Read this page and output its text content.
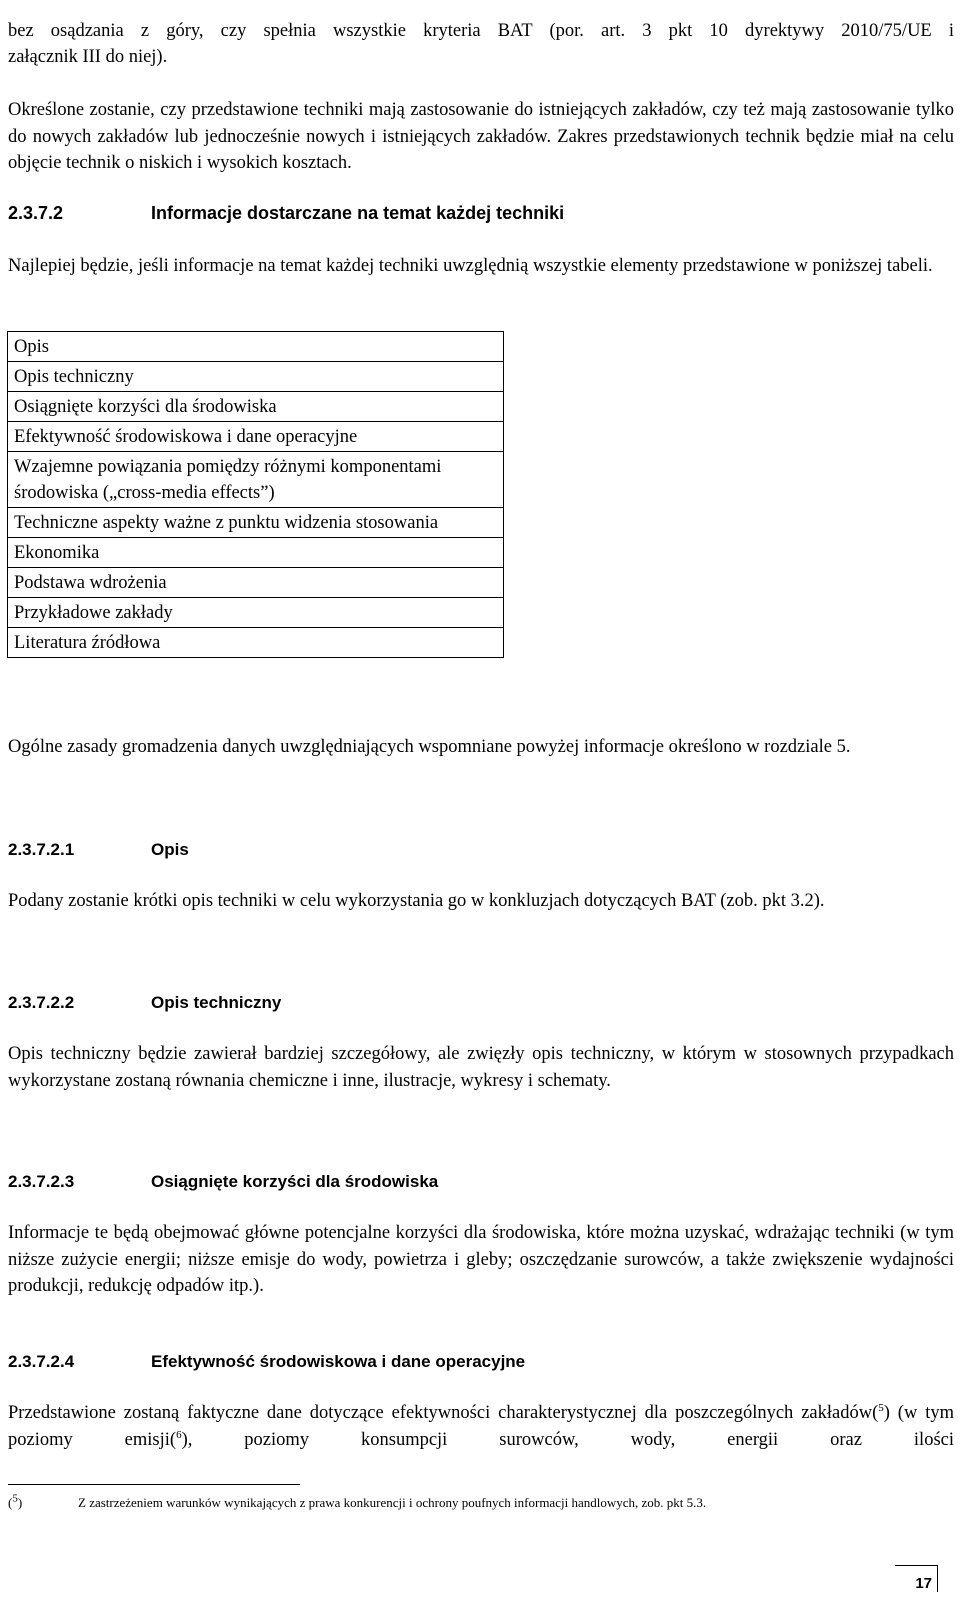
bez osądzania z góry, czy spełnia wszystkie kryteria BAT (por. art. 3 pkt 10 dyrektywy 2010/75/UE i
załącznik III do niej).
Określone zostanie, czy przedstawione techniki mają zastosowanie do istniejących zakładów, czy też mają zastosowanie tylko do nowych zakładów lub jednocześnie nowych i istniejących zakładów. Zakres przedstawionych technik będzie miał na celu objęcie technik o niskich i wysokich kosztach.
2.3.7.2	Informacje dostarczane na temat każdej techniki
Najlepiej będzie, jeśli informacje na temat każdej techniki uwzględnią wszystkie elementy przedstawione w poniższej tabeli.
Opis
Opis techniczny
Osiągnięte korzyści dla środowiska
Efektywność środowiskowa i dane operacyjne
Wzajemne powiązania pomiędzy różnymi komponentami środowiska („cross-media effects”)
Techniczne aspekty ważne z punktu widzenia stosowania
Ekonomika
Podstawa wdrożenia
Przykładowe zakłady
Literatura źródłowa
Ogólne zasady gromadzenia danych uwzględniających wspomniane powyżej informacje określono w rozdziale 5.
2.3.7.2.1	Opis
Podany zostanie krótki opis techniki w celu wykorzystania go w konkluzjach dotyczących BAT (zob. pkt 3.2).
2.3.7.2.2	Opis techniczny
Opis techniczny będzie zawierał bardziej szczegółowy, ale zwięzły opis techniczny, w którym w stosownych przypadkach wykorzystane zostaną równania chemiczne i inne, ilustracje, wykresy i schematy.
2.3.7.2.3	Osiągnięte korzyści dla środowiska
Informacje te będą obejmować główne potencjalne korzyści dla środowiska, które można uzyskać, wdrażając techniki (w tym niższe zużycie energii; niższe emisje do wody, powietrza i gleby; oszczędzanie surowców, a także zwiększenie wydajności produkcji, redukcję odpadów itp.).
2.3.7.2.4	Efektywność środowiskowa i dane operacyjne
Przedstawione zostaną faktyczne dane dotyczące efektywności charakterystycznej dla poszczególnych zakładów($^5$) (w tym poziomy emisji($^6$), poziomy konsumpcji surowców, wody, energii oraz ilości
($^5$)	Z zastrzeżeniem warunków wynikających z prawa konkurencji i ochrony poufnych informacji handlowych, zob. pkt 5.3.
17
